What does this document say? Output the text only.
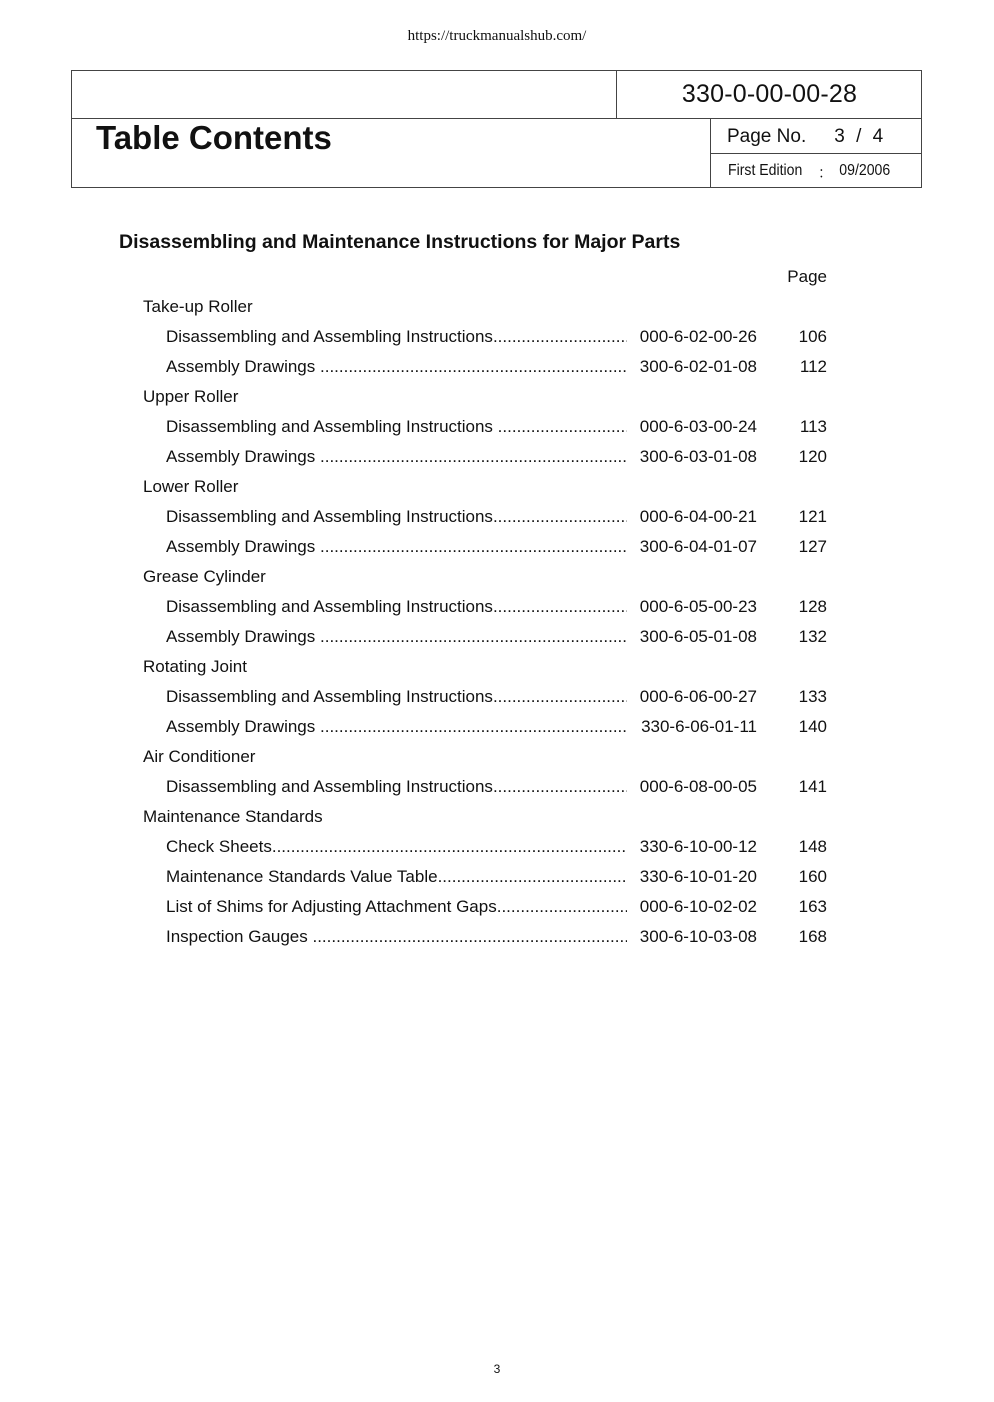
https://truckmanualshub.com/
330-0-00-00-28
Table Contents	Page No. 3 / 4
First Edition ： 09/2006
Disassembling and Maintenance Instructions for Major Parts
Page
Take-up Roller
Disassembling and Assembling Instructions .....	000-6-02-00-26	106
Assembly Drawings .....	300-6-02-01-08	112
Upper Roller
Disassembling and Assembling Instructions .....	000-6-03-00-24	113
Assembly Drawings .....	300-6-03-01-08	120
Lower Roller
Disassembling and Assembling Instructions .....	000-6-04-00-21	121
Assembly Drawings .....	300-6-04-01-07	127
Grease Cylinder
Disassembling and Assembling Instructions .....	000-6-05-00-23	128
Assembly Drawings .....	300-6-05-01-08	132
Rotating Joint
Disassembling and Assembling Instructions .....	000-6-06-00-27	133
Assembly Drawings .....	330-6-06-01-11	140
Air Conditioner
Disassembling and Assembling Instructions .....	000-6-08-00-05	141
Maintenance Standards
Check Sheets .....	330-6-10-00-12	148
Maintenance Standards Value Table .....	330-6-10-01-20	160
List of Shims for Adjusting Attachment Gaps .....	000-6-10-02-02	163
Inspection Gauges .....	300-6-10-03-08	168
3
